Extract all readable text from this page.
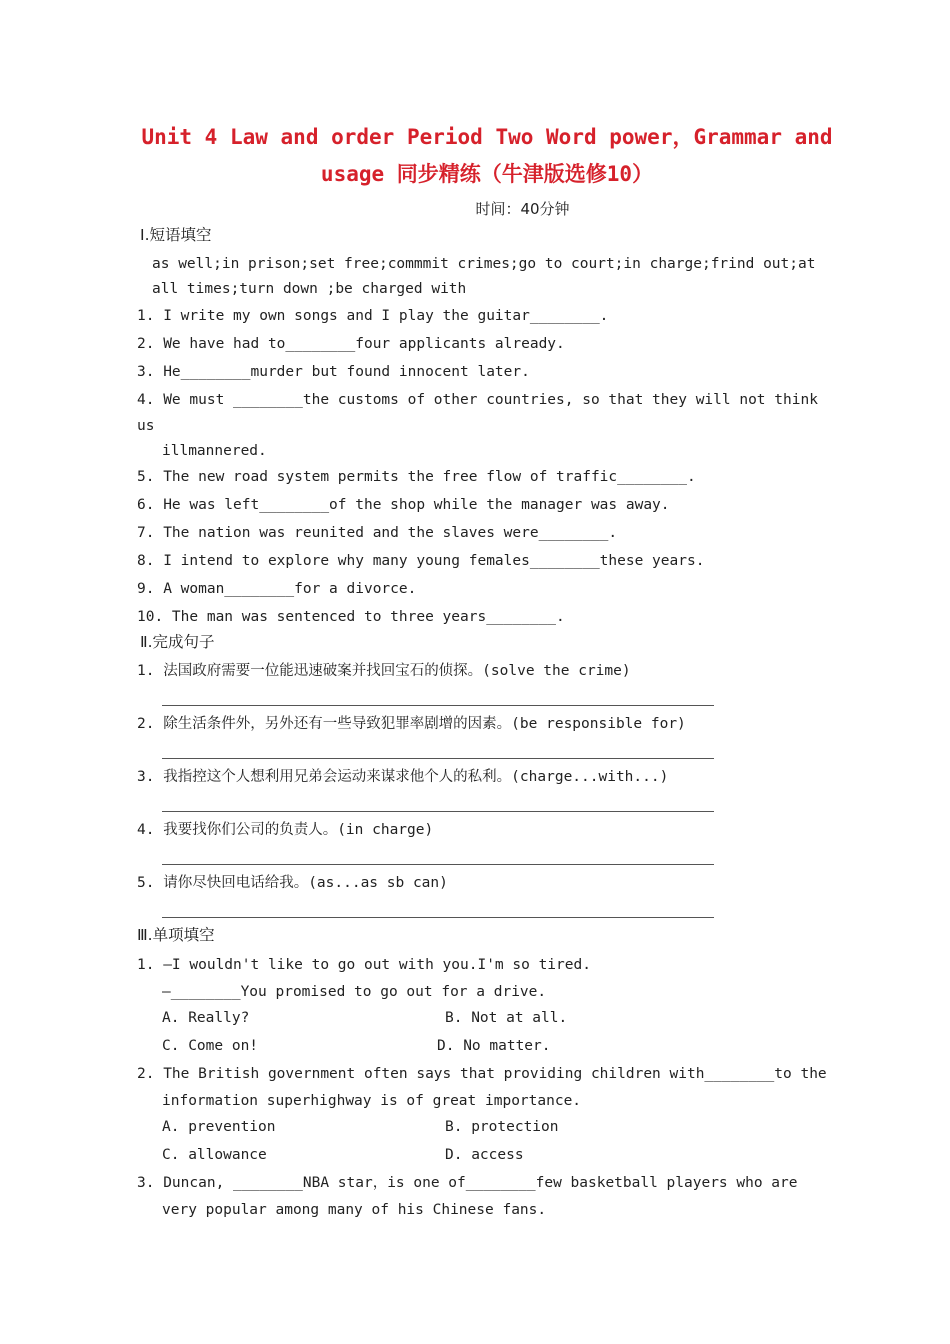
Unit 4 Law and order Period Two Word power，Grammar and
usage 同步精练（牛津版选修10）
时间：40分钟
Ⅰ.短语填空
as well;in prison;set free;commmit crimes;go to court;in charge;frind out;at
all times;turn down ;be charged with
1. I write my own songs and I play the guitar________.
2. We have had to________four applicants already.
3. He________murder but found innocent later.
4. We must ________the customs of other countries, so that they will not think
us
illmannered.
5. The new road system permits the free flow of traffic________.
6. He was left________of the shop while the manager was away.
7. The nation was reunited and the slaves were________.
8. I intend to explore why many young females________these years.
9. A woman________for a divorce.
10. The man was sentenced to three years________.
Ⅱ.完成句子
1. 法国政府需要一位能迅速破案并找回宝石的侦探。(solve the crime)
2. 除生活条件外，另外还有一些导致犯罪率剧增的因素。(be responsible for)
3. 我指控这个人想利用兄弟会运动来谋求他个人的私利。(charge...with...)
4. 我要找你们公司的负责人。(in charge)
5. 请你尽快回电话给我。(as...as sb can)
Ⅲ.单项填空
1. —I wouldn't like to go out with you.I'm so tired.
—________You promised to go out for a drive.
A. Really?	B. Not at all.
C. Come on!	D. No matter.
2. The British government often says that providing children with________to the
information superhighway is of great importance.
A. prevention	B. protection
C. allowance	D. access
3. Duncan, ________NBA star，is one of________few basketball players who are
very popular among many of his Chinese fans.
